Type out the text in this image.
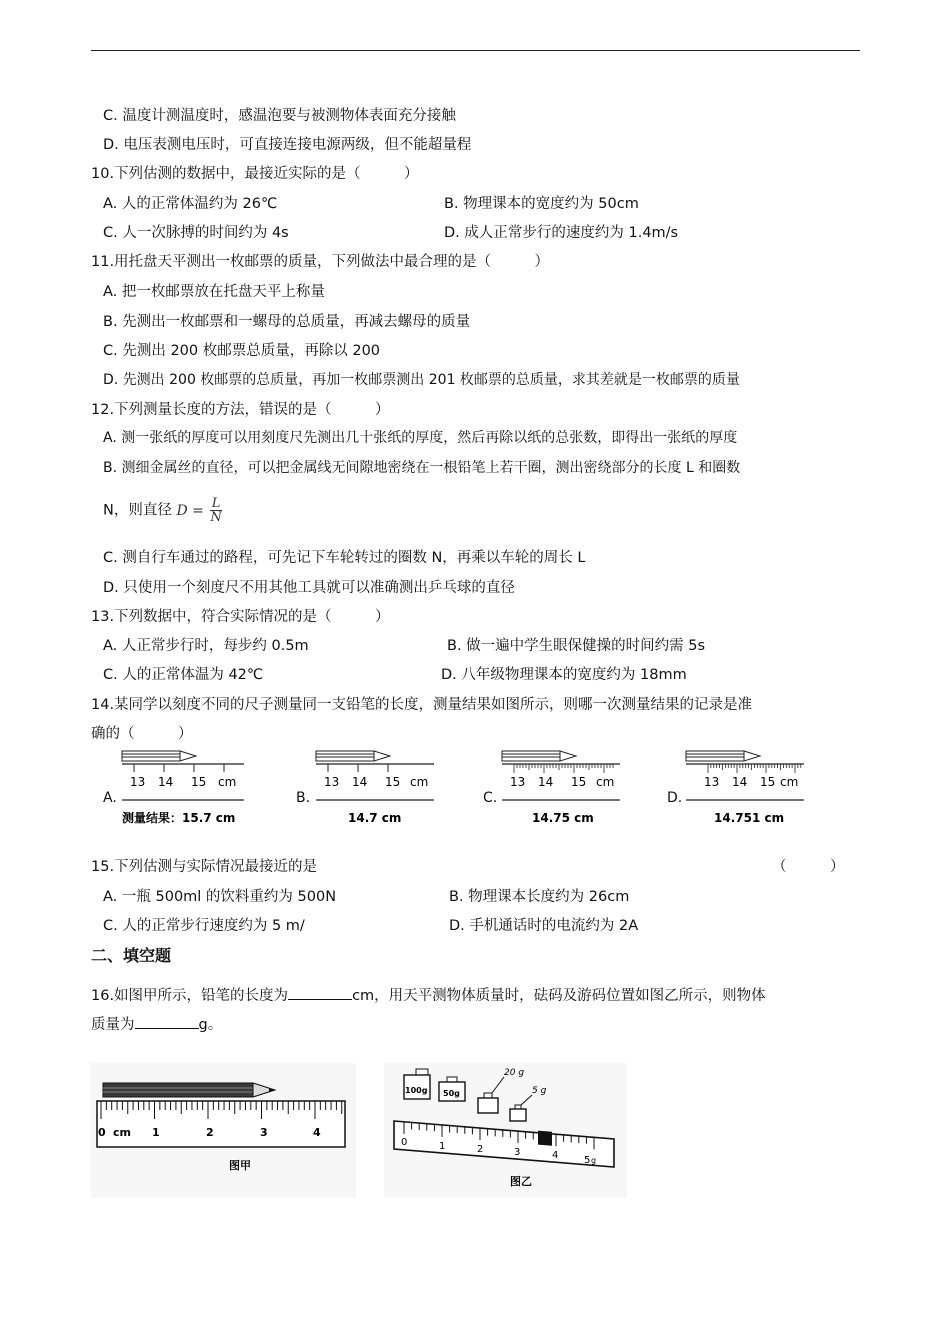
C. 温度计测温度时，感温泡要与被测物体表面充分接触
D. 电压表测电压时，可直接连接电源两级，但不能超量程
10.下列估测的数据中，最接近实际的是（　　　）
A. 人的正常体温约为 26℃	B. 物理课本的宽度约为 50cm
C. 人一次脉搏的时间约为 4s	D. 成人正常步行的速度约为 1.4m/s
11.用托盘天平测出一枚邮票的质量，下列做法中最合理的是（　　　）
A. 把一枚邮票放在托盘天平上称量
B. 先测出一枚邮票和一螺母的总质量，再减去螺母的质量
C. 先测出 200 枚邮票总质量，再除以 200
D. 先测出 200 枚邮票的总质量，再加一枚邮票测出 201 枚邮票的总质量，求其差就是一枚邮票的质量
12.下列测量长度的方法，错误的是（　　　）
A. 测一张纸的厚度可以用刻度尺先测出几十张纸的厚度，然后再除以纸的总张数，即得出一张纸的厚度
B. 测细金属丝的直径，可以把金属线无间隙地密绕在一根铅笔上若干圈，测出密绕部分的长度 L 和圈数
N，则直径 $D = \frac{L}{N}$
C. 测自行车通过的路程，可先记下车轮转过的圈数 N，再乘以车轮的周长 L
D. 只使用一个刻度尺不用其他工具就可以准确测出乒乓球的直径
13.下列数据中，符合实际情况的是（　　　）
A. 人正常步行时，每步约 0.5m	B. 做一遍中学生眼保健操的时间约需 5s
C. 人的正常体温为 42℃	D. 八年级物理课本的宽度约为 18mm
14.某同学以刻度不同的尺子测量同一支铅笔的长度，测量结果如图所示，则哪一次测量结果的记录是准
确的（　　　）
A.	B.	C.	D.
13 14 15 cm
测量结果：15.7 cm
13 14 15 cm
14.7 cm
13 14 15 cm
14.75 cm
13 14 15 cm
14.751 cm
15.下列估测与实际情况最接近的是	（　　　）
A. 一瓶 500ml 的饮料重约为 500N	B. 物理课本长度约为 26cm
C. 人的正常步行速度约为 5 m/	D. 手机通话时的电流约为 2A
二、填空题
16.如图甲所示，铅笔的长度为	cm，用天平测物体质量时，砝码及游码位置如图乙所示，则物体
质量为	g。
0 cm 1	2	3	4
图甲
100g 50g
20 g
5 g
0	1	2	3	4	5 g
图乙
